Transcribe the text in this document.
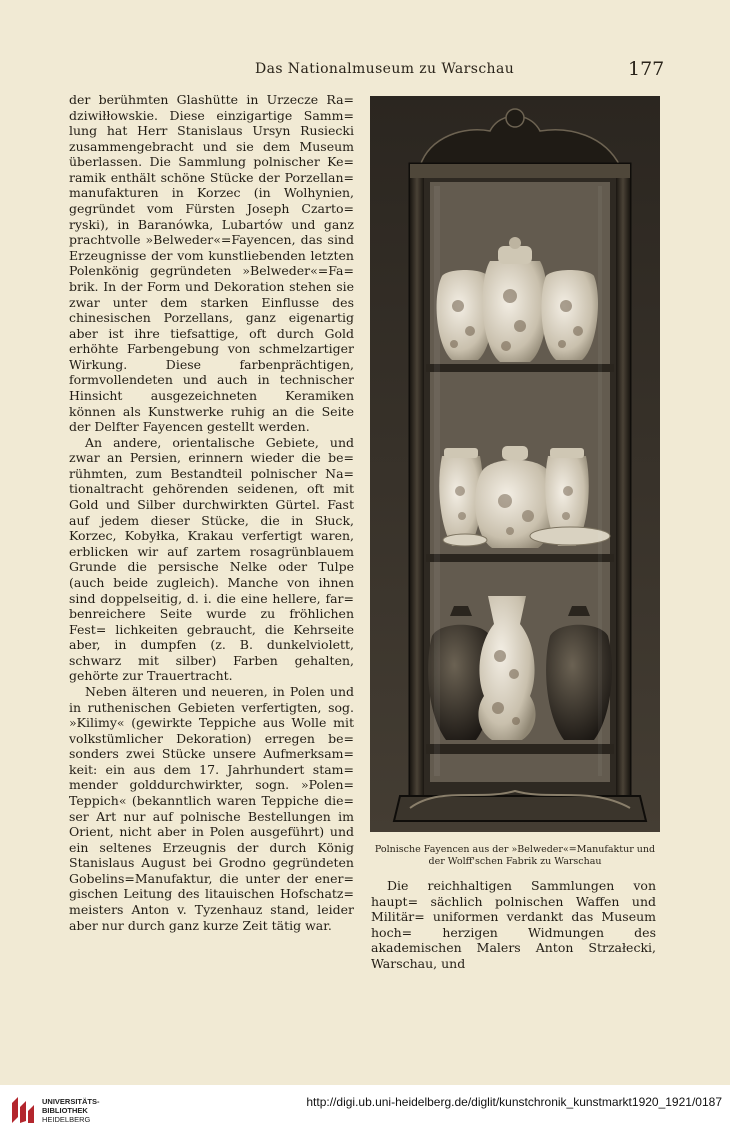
Das Nationalmuseum zu Warschau	177

der berühmten Glashütte in Urzecze Ra= dziwiłłowskie. Diese einzigartige Samm= lung hat Herr Stanislaus Ursyn Rusiecki zusammengebracht und sie dem Museum überlassen. Die Sammlung polnischer Ke= ramik enthält schöne Stücke der Porzellan= manufakturen in Korzec (in Wolhynien, gegründet vom Fürsten Joseph Czarto= ryski), in Baranówka, Lubartów und ganz prachtvolle »Belweder«=Fayencen, das sind Erzeugnisse der vom kunstliebenden letzten Polenkönig gegründeten »Belweder«=Fa= brik. In der Form und Dekoration stehen sie zwar unter dem starken Einflusse des chinesischen Porzellans, ganz eigenartig aber ist ihre tiefsattige, oft durch Gold erhöhte Farbengebung von schmelzartiger Wirkung.	Diese farbenprächtigen, formvollendeten und auch in technischer Hinsicht ausgezeichneten Keramiken können als Kunstwerke ruhig an die Seite der Delfter Fayencen gestellt werden.

An andere, orientalische Gebiete, und zwar an Persien, erinnern wieder die be= rühmten, zum Bestandteil polnischer Na= tionaltracht gehörenden seidenen, oft mit Gold und Silber durchwirkten Gürtel. Fast auf jedem dieser Stücke, die in Słuck, Korzec, Kobyłka, Krakau verfertigt waren, erblicken wir auf zartem rosagrünblauem Grunde die persische Nelke oder Tulpe (auch beide zugleich). Manche von ihnen sind doppelseitig, d. i. die eine hellere, far= benreichere Seite wurde zu fröhlichen Fest= lichkeiten gebraucht, die Kehrseite aber, in dumpfen (z. B. dunkelviolett, schwarz mit silber) Farben gehalten, gehörte zur Trauertracht.

Neben älteren und neueren, in Polen und in ruthenischen Gebieten verfertigten, sog. »Kilimy« (gewirkte Teppiche aus Wolle mit volkstümlicher Dekoration) erregen be= sonders zwei Stücke unsere Aufmerksam= keit: ein aus dem 17. Jahrhundert stam= mender golddurchwirkter, sogn. »Polen= Teppich« (bekanntlich waren Teppiche die= ser Art nur auf polnische Bestellungen im Orient, nicht aber in Polen ausgeführt) und ein seltenes Erzeugnis der durch König Stanislaus August bei Grodno gegründeten Gobelins=Manufaktur, die unter der ener= gischen Leitung des litauischen Hofschatz= meisters Anton v. Tyzenhauz stand, leider aber nur durch ganz kurze Zeit tätig war.

Polnische Fayencen aus der »Belweder«=Manufaktur und
der Wolff'schen Fabrik zu Warschau

Die reichhaltigen Sammlungen von haupt= sächlich polnischen Waffen und Militär= uniformen verdankt das Museum hoch= herzigen Widmungen des akademischen Malers Anton Strzałecki, Warschau, und

UNIVERSITÄTS-
BIBLIOTHEK
HEIDELBERG
http://digi.ub.uni-heidelberg.de/diglit/kunstchronik_kunstmarkt1920_1921/0187
